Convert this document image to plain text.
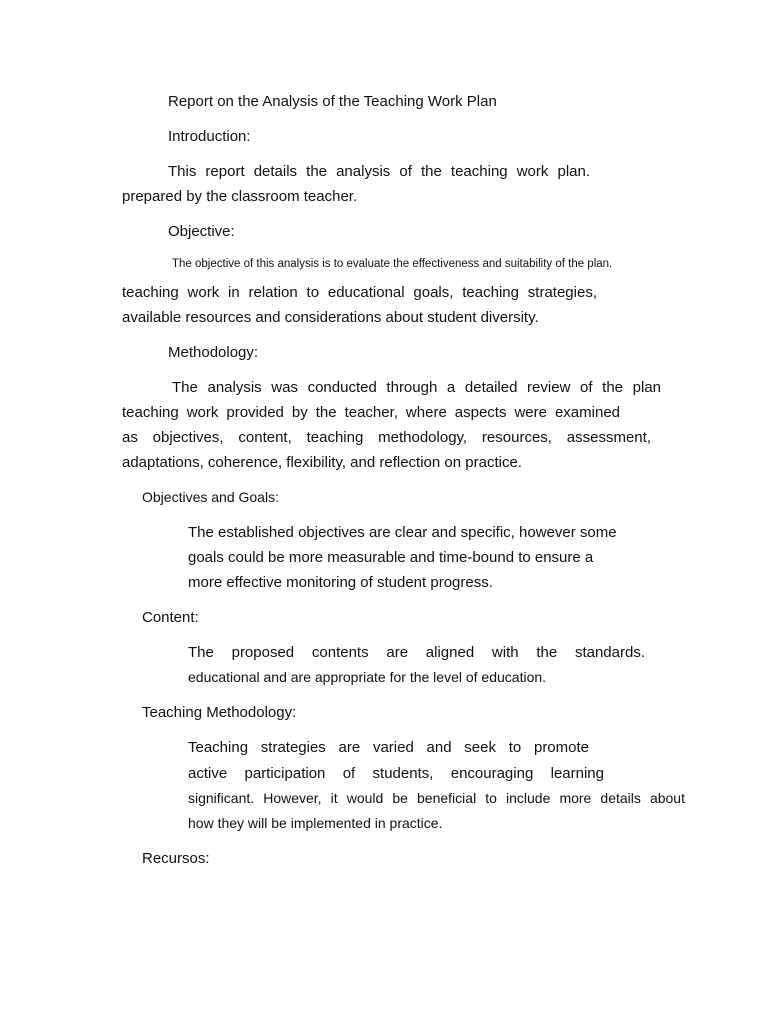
Report on the Analysis of the Teaching Work Plan
Introduction:
This report details the analysis of the teaching work plan.
prepared by the classroom teacher.
Objective:
The objective of this analysis is to evaluate the effectiveness and suitability of the plan.
teaching work in relation to educational goals, teaching strategies,
available resources and considerations about student diversity.
Methodology:
The analysis was conducted through a detailed review of the plan
teaching work provided by the teacher, where aspects were examined
as objectives, content, teaching methodology, resources, assessment,
adaptations, coherence, flexibility, and reflection on practice.
Objectives and Goals:
The established objectives are clear and specific, however some
goals could be more measurable and time-bound to ensure a
more effective monitoring of student progress.
Content:
The proposed contents are aligned with the standards.
educational and are appropriate for the level of education.
Teaching Methodology:
Teaching strategies are varied and seek to promote
active participation of students, encouraging learning
significant. However, it would be beneficial to include more details about
how they will be implemented in practice.
Recursos:
